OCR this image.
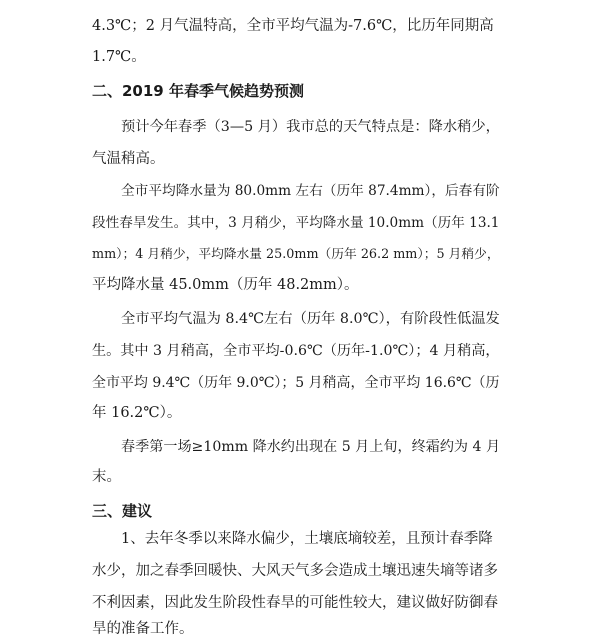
4.3℃；2 月气温特高，全市平均气温为-7.6℃，比历年同期高
1.7℃。
二、2019 年春季气候趋势预测
预计今年春季（3—5 月）我市总的天气特点是：降水稍少，
气温稍高。
全市平均降水量为 80.0mm 左右（历年 87.4mm），后春有阶
段性春旱发生。其中，3 月稍少，平均降水量 10.0mm（历年 13.1
mm）；4 月稍少，平均降水量 25.0mm（历年 26.2 mm）；5 月稍少，
平均降水量 45.0mm（历年 48.2mm）。
全市平均气温为 8.4℃左右（历年 8.0℃），有阶段性低温发
生。其中 3 月稍高，全市平均-0.6℃（历年-1.0℃）；4 月稍高，
全市平均 9.4℃（历年 9.0℃）；5 月稍高，全市平均 16.6℃（历
年 16.2℃）。
春季第一场≥10mm 降水约出现在 5 月上旬，终霜约为 4 月
末。
三、建议
1、去年冬季以来降水偏少，土壤底墒较差，且预计春季降
水少，加之春季回暖快、大风天气多会造成土壤迅速失墒等诸多
不利因素，因此发生阶段性春旱的可能性较大，建议做好防御春
旱的准备工作。
